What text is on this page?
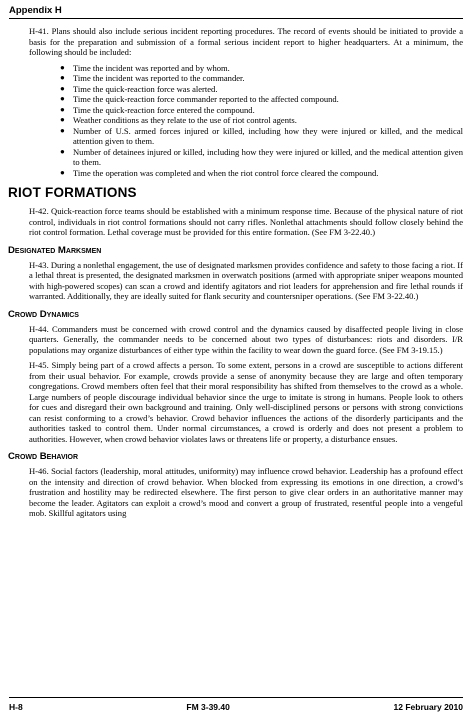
Appendix H

H-41. Plans should also include serious incident reporting procedures. The record of events should be initiated to provide a basis for the preparation and submission of a formal serious incident report to higher headquarters. At a minimum, the following should be included:

● Time the incident was reported and by whom.
● Time the incident was reported to the commander.
● Time the quick-reaction force was alerted.
● Time the quick-reaction force commander reported to the affected compound.
● Time the quick-reaction force entered the compound.
● Weather conditions as they relate to the use of riot control agents.
● Number of U.S. armed forces injured or killed, including how they were injured or killed, and the medical attention given to them.
● Number of detainees injured or killed, including how they were injured or killed, and the medical attention given to them.
● Time the operation was completed and when the riot control force cleared the compound.
RIOT FORMATIONS

H-42. Quick-reaction force teams should be established with a minimum response time. Because of the physical nature of riot control, individuals in riot control formations should not carry rifles. Nonlethal attachments should follow closely behind the riot control formation. Lethal coverage must be provided for this entire formation. (See FM 3-22.40.)

Designated Marksmen

H-43. During a nonlethal engagement, the use of designated marksmen provides confidence and safety to those facing a riot. If a lethal threat is presented, the designated marksmen in overwatch positions (armed with appropriate sniper weapons mounted with high-powered scopes) can scan a crowd and identify agitators and riot leaders for apprehension and fire lethal rounds if warranted. Additionally, they are ideally suited for flank security and countersniper operations. (See FM 3-22.40.)

Crowd Dynamics

H-44. Commanders must be concerned with crowd control and the dynamics caused by disaffected people living in close quarters. Generally, the commander needs to be concerned about two types of disturbances: riots and disorders. I/R populations may organize disturbances of either type within the facility to wear down the guard force. (See FM 3-19.15.)

H-45. Simply being part of a crowd affects a person. To some extent, persons in a crowd are susceptible to actions different from their usual behavior. For example, crowds provide a sense of anonymity because they are large and often temporary congregations. Crowd members often feel that their moral responsibility has shifted from themselves to the crowd as a whole. Large numbers of people discourage individual behavior since the urge to imitate is strong in humans. People look to others for cues and disregard their own background and training. Only well-disciplined persons or persons with strong convictions can resist conforming to a crowd’s behavior. Crowd behavior influences the actions of the disorderly participants and the authorities tasked to control them. Under normal circumstances, a crowd is orderly and does not present a problem to authorities. However, when crowd behavior violates laws or threatens life or property, a disturbance ensues.

Crowd Behavior

H-46. Social factors (leadership, moral attitudes, uniformity) may influence crowd behavior. Leadership has a profound effect on the intensity and direction of crowd behavior. When blocked from expressing its emotions in one direction, a crowd’s frustration and hostility may be redirected elsewhere. The first person to give clear orders in an authoritative manner may become the leader. Agitators can exploit a crowd’s mood and convert a group of frustrated, resentful people into a vengeful mob. Skillful agitators using

H-8	FM 3-39.40	12 February 2010
